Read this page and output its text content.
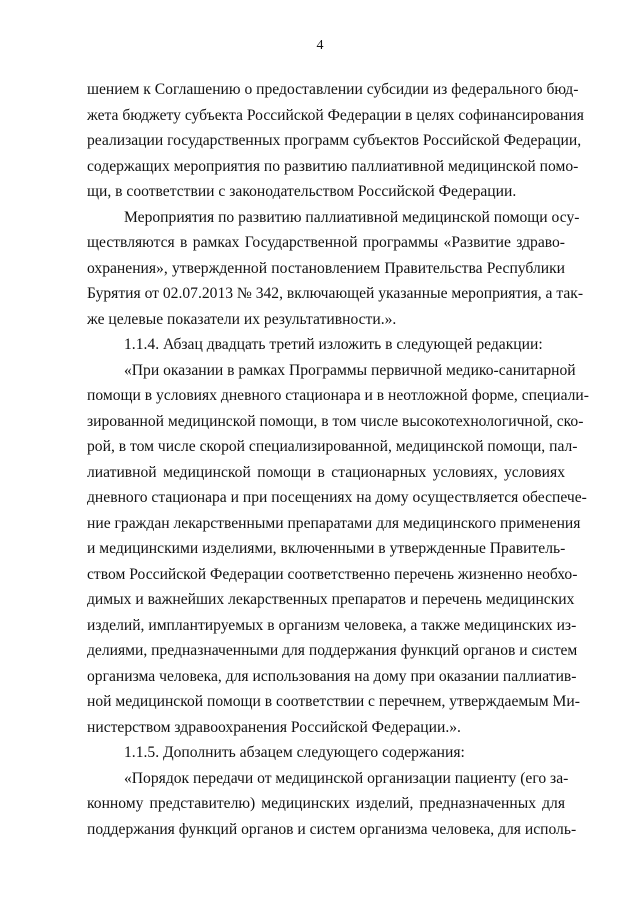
4
шением к Соглашению о предоставлении субсидии из федерального бюд-
жета бюджету субъекта Российской Федерации в целях софинансирования
реализации государственных программ субъектов Российской Федерации,
содержащих мероприятия по развитию паллиативной медицинской помо-
щи, в соответствии с законодательством Российской Федерации.
Мероприятия по развитию паллиативной медицинской помощи осу-
ществляются в рамках Государственной программы «Развитие здраво-
охранения», утвержденной постановлением Правительства Республики
Бурятия от 02.07.2013 № 342, включающей указанные мероприятия, а так-
же целевые показатели их результативности.».
1.1.4. Абзац двадцать третий изложить в следующей редакции:
«При оказании в рамках Программы первичной медико-санитарной
помощи в условиях дневного стационара и в неотложной форме, специали-
зированной медицинской помощи, в том числе высокотехнологичной, ско-
рой, в том числе скорой специализированной, медицинской помощи, пал-
лиативной медицинской помощи в стационарных условиях, условиях
дневного стационара и при посещениях на дому осуществляется обеспече-
ние граждан лекарственными препаратами для медицинского применения
и медицинскими изделиями, включенными в утвержденные Правитель-
ством Российской Федерации соответственно перечень жизненно необхо-
димых и важнейших лекарственных препаратов и перечень медицинских
изделий, имплантируемых в организм человека, а также медицинских из-
делиями, предназначенными для поддержания функций органов и систем
организма человека, для использования на дому при оказании паллиатив-
ной медицинской помощи в соответствии с перечнем, утверждаемым Ми-
нистерством здравоохранения Российской Федерации.».
1.1.5. Дополнить абзацем следующего содержания:
«Порядок передачи от медицинской организации пациенту (его за-
конному представителю) медицинских изделий, предназначенных для
поддержания функций органов и систем организма человека, для исполь-
